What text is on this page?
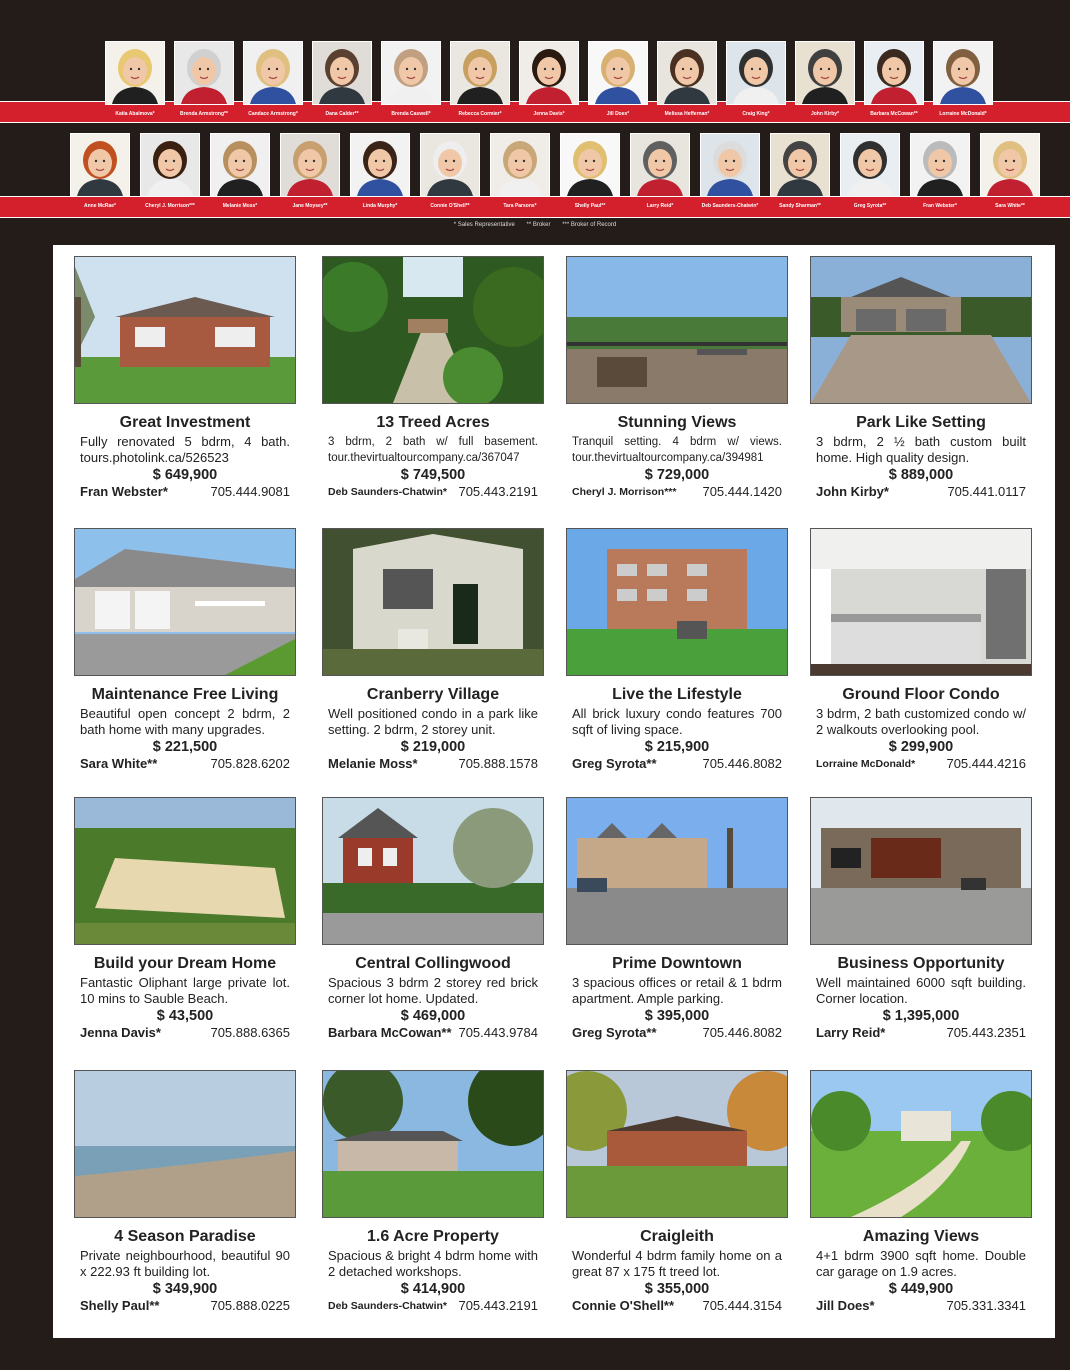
Katia Abalmova*	Brenda Armstrong**	Candace Armstrong*	Dana Calder**	Brenda Caswell*	Rebecca Cormier*	Jenna Davis*	Jill Does*	Melissa Heffernan*	Craig King*	John Kirby*	Barbara McCowan**	Lorraine McDonald*
Anne McRae*	Cheryl J. Morrison***	Melanie Moss*	Jane Moysey**	Linda Murphy*	Connie O'Shell**	Tara Parsons*	Shelly Paul**	Larry Reid*	Deb Saunders-Chatwin*	Sandy Sharman**	Greg Syrota**	Fran Webster*	Sara White**
* Sales Representative ** Broker *** Broker of Record
Great Investment
Fully renovated 5 bdrm, 4 bath. tours.photolink.ca/526523
$ 649,900
Fran Webster*	705.444.9081
13 Treed Acres
3 bdrm, 2 bath w/ full basement. tour.thevirtualtourcompany.ca/367047
$ 749,500
Deb Saunders-Chatwin* 705.443.2191
Stunning Views
Tranquil setting. 4 bdrm w/ views. tour.thevirtualtourcompany.ca/394981
$ 729,000
Cheryl J. Morrison*** 705.444.1420
Park Like Setting
3 bdrm, 2 ½ bath custom built home. High quality design.
$ 889,000
John Kirby*	705.441.0117
Maintenance Free Living
Beautiful open concept 2 bdrm, 2 bath home with many upgrades.
$ 221,500
Sara White**	705.828.6202
Cranberry Village
Well positioned condo in a park like setting. 2 bdrm, 2 storey unit.
$ 219,000
Melanie Moss*	705.888.1578
Live the Lifestyle
All brick luxury condo features 700 sqft of living space.
$ 215,900
Greg Syrota**	705.446.8082
Ground Floor Condo
3 bdrm, 2 bath customized condo w/ 2 walkouts overlooking pool.
$ 299,900
Lorraine McDonald* 705.444.4216
Build your Dream Home
Fantastic Oliphant large private lot. 10 mins to Sauble Beach.
$ 43,500
Jenna Davis*	705.888.6365
Central Collingwood
Spacious 3 bdrm 2 storey red brick corner lot home. Updated.
$ 469,000
Barbara McCowan** 705.443.9784
Prime Downtown
3 spacious offices or retail & 1 bdrm apartment. Ample parking.
$ 395,000
Greg Syrota**	705.446.8082
Business Opportunity
Well maintained 6000 sqft building. Corner location.
$ 1,395,000
Larry Reid*	705.443.2351
4 Season Paradise
Private neighbourhood, beautiful 90 x 222.93 ft building lot.
$ 349,900
Shelly Paul**	705.888.0225
1.6 Acre Property
Spacious & bright 4 bdrm home with 2 detached workshops.
$ 414,900
Deb Saunders-Chatwin* 705.443.2191
Craigleith
Wonderful 4 bdrm family home on a great 87 x 175 ft treed lot.
$ 355,000
Connie O'Shell** 705.444.3154
Amazing Views
4+1 bdrm 3900 sqft home. Double car garage on 1.9 acres.
$ 449,900
Jill Does*	705.331.3341
